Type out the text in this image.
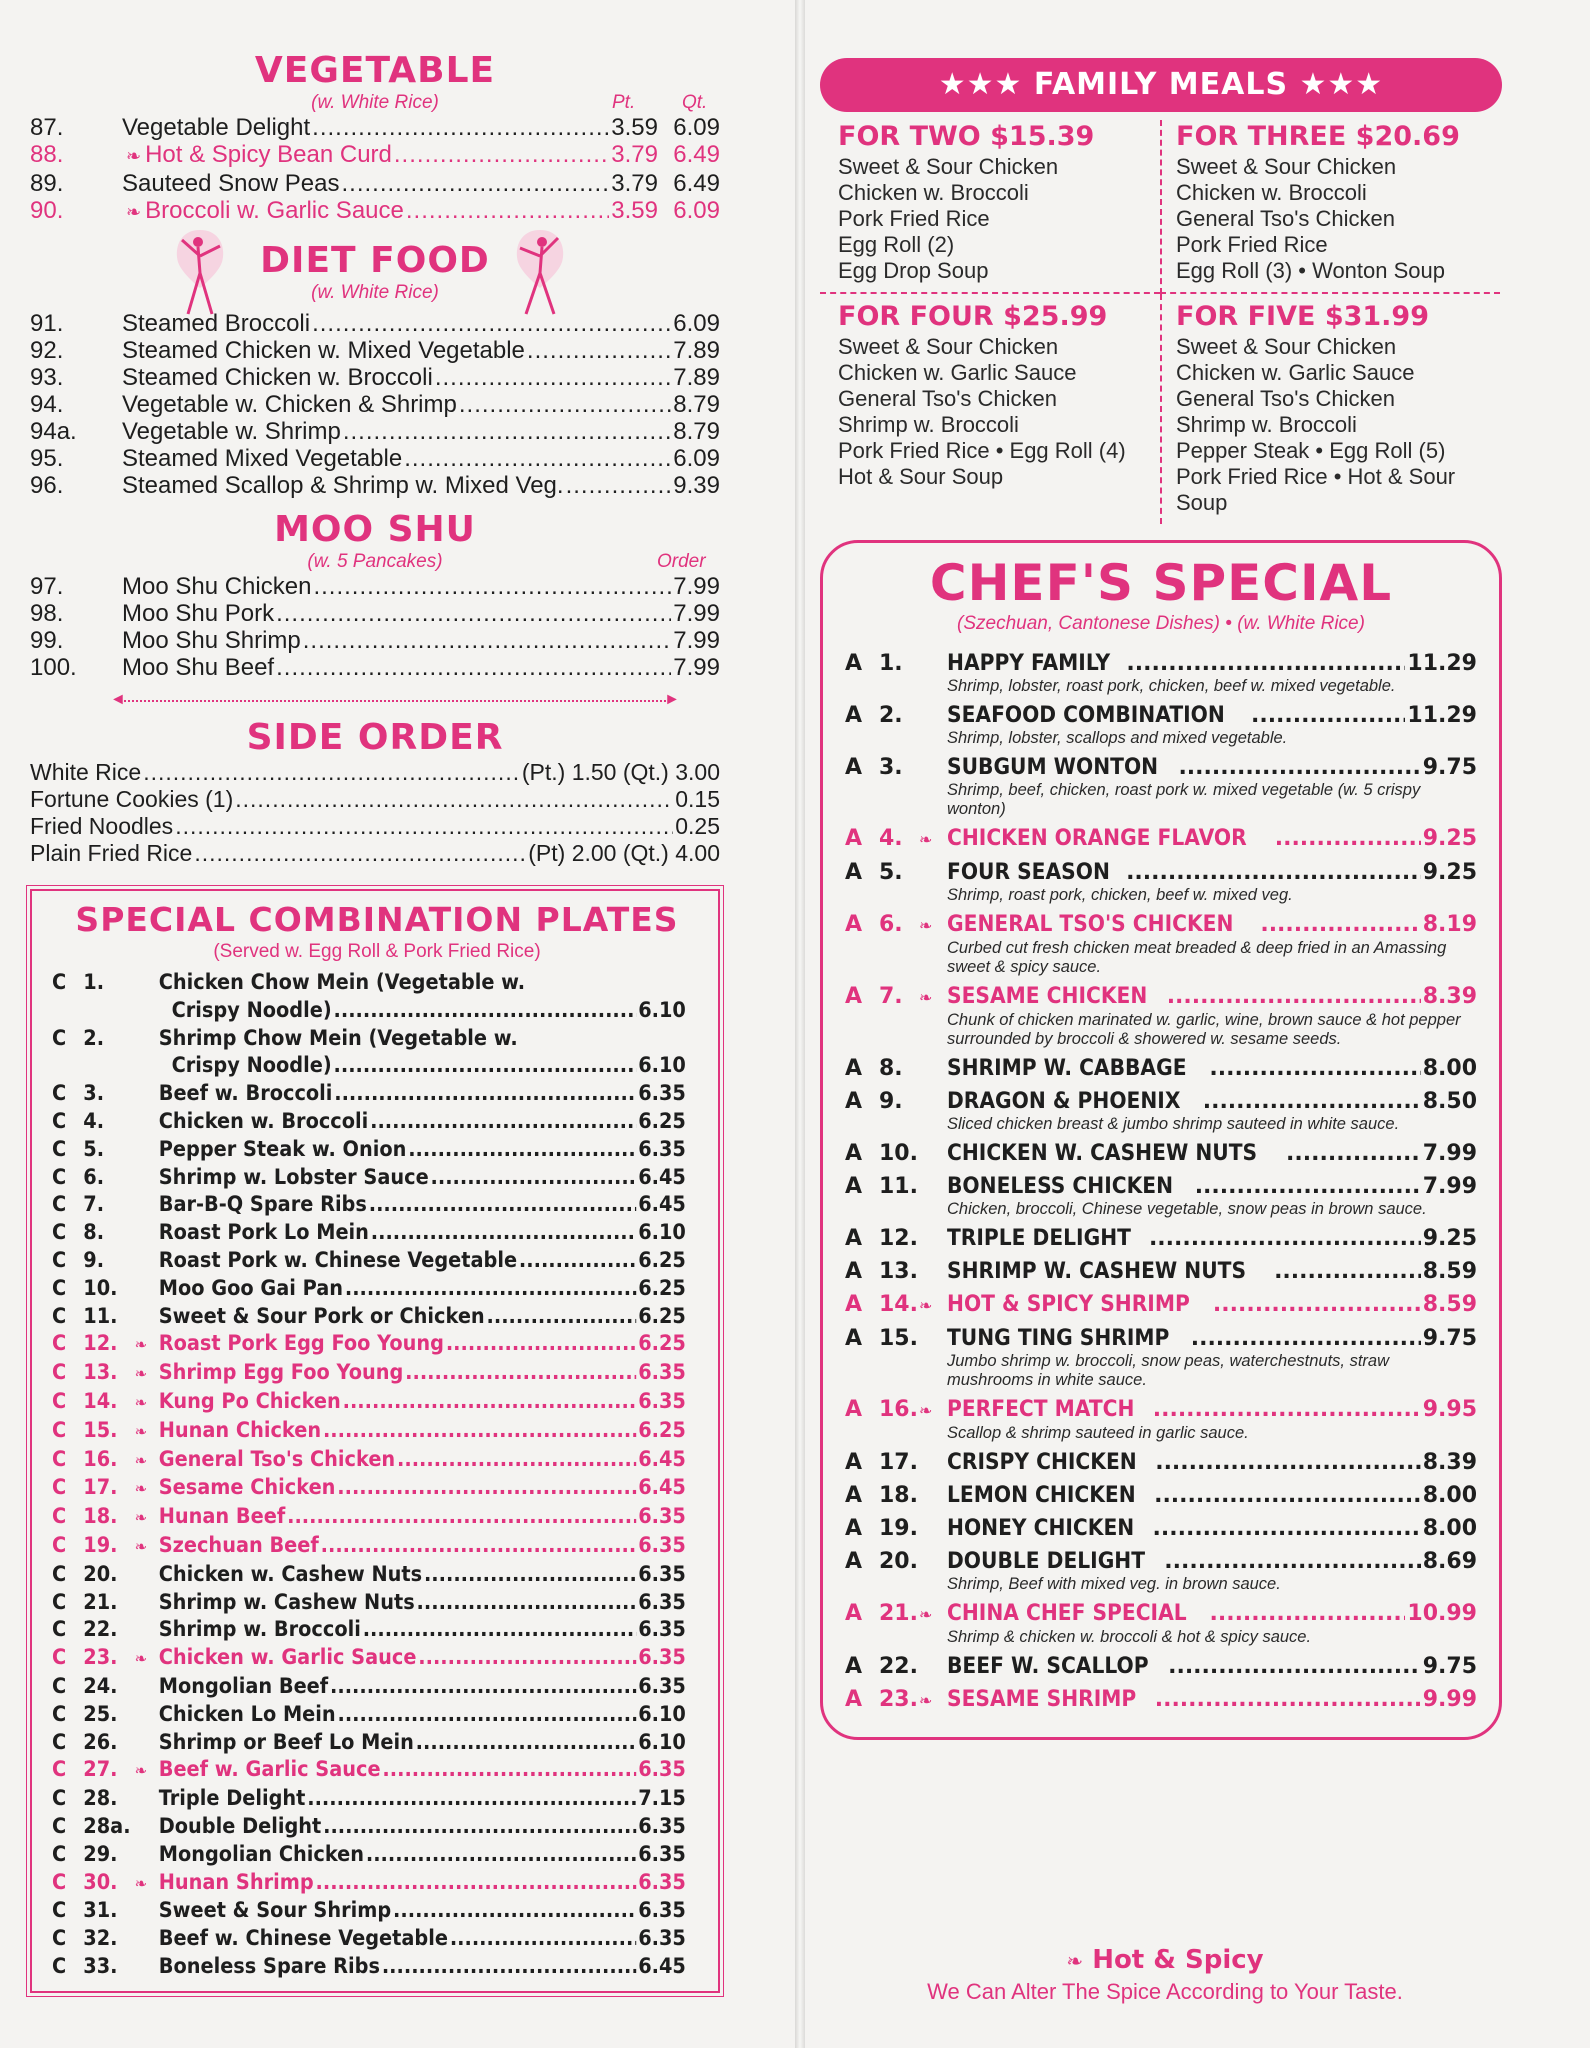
VEGETABLE
(w. White Rice)	Pt. Qt.
87.	Vegetable Delight .....	3.59 6.09
88.	❧ Hot & Spicy Bean Curd .....	3.79 6.49
89.	Sauteed Snow Peas .....	3.79 6.49
90.	❧ Broccoli w. Garlic Sauce .....	3.59 6.09
DIET FOOD
(w. White Rice)
91.	Steamed Broccoli .....	6.09
92.	Steamed Chicken w. Mixed Vegetable .....	7.89
93.	Steamed Chicken w. Broccoli .....	7.89
94.	Vegetable w. Chicken & Shrimp .....	8.79
94a.	Vegetable w. Shrimp .....	8.79
95.	Steamed Mixed Vegetable .....	6.09
96.	Steamed Scallop & Shrimp w. Mixed Veg. .....	9.39
MOO SHU
(w. 5 Pancakes)	Order
97.	Moo Shu Chicken .....	7.99
98.	Moo Shu Pork .....	7.99
99.	Moo Shu Shrimp .....	7.99
100.	Moo Shu Beef .....	7.99
◄	►
SIDE ORDER
White Rice .....	(Pt.) 1.50 (Qt.) 3.00
Fortune Cookies (1) .....	0.15
Fried Noodles .....	0.25
Plain Fried Rice .....	(Pt) 2.00 (Qt.) 4.00
SPECIAL COMBINATION PLATES
(Served w. Egg Roll & Pork Fried Rice)
C 1.	Chicken Chow Mein (Vegetable w.
Crispy Noodle) .....	6.10
C 2.	Shrimp Chow Mein (Vegetable w.
Crispy Noodle) .....	6.10
C 3.	Beef w. Broccoli .....	6.35
C 4.	Chicken w. Broccoli .....	6.25
C 5.	Pepper Steak w. Onion .....	6.35
C 6.	Shrimp w. Lobster Sauce .....	6.45
C 7.	Bar-B-Q Spare Ribs .....	6.45
C 8.	Roast Pork Lo Mein .....	6.10
C 9.	Roast Pork w. Chinese Vegetable .....	6.25
C 10.	Moo Goo Gai Pan .....	6.25
C 11.	Sweet & Sour Pork or Chicken .....	6.25
C 12.	❧ Roast Pork Egg Foo Young .....	6.25
C 13.	❧ Shrimp Egg Foo Young .....	6.35
C 14.	❧ Kung Po Chicken .....	6.35
C 15.	❧ Hunan Chicken .....	6.25
C 16.	❧ General Tso's Chicken .....	6.45
C 17.	❧ Sesame Chicken .....	6.45
C 18.	❧ Hunan Beef .....	6.35
C 19.	❧ Szechuan Beef .....	6.35
C 20.	Chicken w. Cashew Nuts .....	6.35
C 21.	Shrimp w. Cashew Nuts .....	6.35
C 22.	Shrimp w. Broccoli .....	6.35
C 23.	❧ Chicken w. Garlic Sauce .....	6.35
C 24.	Mongolian Beef .....	6.35
C 25.	Chicken Lo Mein .....	6.10
C 26.	Shrimp or Beef Lo Mein .....	6.10
C 27.	❧ Beef w. Garlic Sauce .....	6.35
C 28.	Triple Delight .....	7.15
C 28a. Double Delight .....	6.35
C 29.	Mongolian Chicken .....	6.35
C 30.	❧ Hunan Shrimp .....	6.35
C 31.	Sweet & Sour Shrimp .....	6.35
C 32.	Beef w. Chinese Vegetable .....	6.35
C 33.	Boneless Spare Ribs .....	6.45
★★★ FAMILY MEALS ★★★
FOR TWO $15.39
Sweet & Sour Chicken
Chicken w. Broccoli
Pork Fried Rice
Egg Roll (2)
Egg Drop Soup
FOR THREE $20.69
Sweet & Sour Chicken
Chicken w. Broccoli
General Tso's Chicken
Pork Fried Rice
Egg Roll (3) • Wonton Soup
FOR FOUR $25.99
Sweet & Sour Chicken
Chicken w. Garlic Sauce
General Tso's Chicken
Shrimp w. Broccoli
Pork Fried Rice • Egg Roll (4)
Hot & Sour Soup
FOR FIVE $31.99
Sweet & Sour Chicken
Chicken w. Garlic Sauce
General Tso's Chicken
Shrimp w. Broccoli
Pepper Steak • Egg Roll (5)
Pork Fried Rice • Hot & Sour Soup
CHEF'S SPECIAL
(Szechuan, Cantonese Dishes) • (w. White Rice)
A 1.	HAPPY FAMILY .....	11.29
Shrimp, lobster, roast pork, chicken, beef w. mixed vegetable.
A 2.	SEAFOOD COMBINATION .....	11.29
Shrimp, lobster, scallops and mixed vegetable.
A 3.	SUBGUM WONTON .....	9.75
Shrimp, beef, chicken, roast pork w. mixed vegetable (w. 5 crispy wonton)
A 4.	❧ CHICKEN ORANGE FLAVOR .....	9.25
A 5.	FOUR SEASON .....	9.25
Shrimp, roast pork, chicken, beef w. mixed veg.
A 6.	❧ GENERAL TSO'S CHICKEN .....	8.19
Curbed cut fresh chicken meat breaded & deep fried in an Amassing sweet & spicy sauce.
A 7.	❧ SESAME CHICKEN .....	8.39
Chunk of chicken marinated w. garlic, wine, brown sauce & hot pepper surrounded by broccoli & showered w. sesame seeds.
A 8.	SHRIMP W. CABBAGE .....	8.00
A 9.	DRAGON & PHOENIX .....	8.50
Sliced chicken breast & jumbo shrimp sauteed in white sauce.
A 10. CHICKEN W. CASHEW NUTS .....	7.99
A 11. BONELESS CHICKEN .....	7.99
Chicken, broccoli, Chinese vegetable, snow peas in brown sauce.
A 12. TRIPLE DELIGHT .....	9.25
A 13. SHRIMP W. CASHEW NUTS .....	8.59
A 14. ❧ HOT & SPICY SHRIMP .....	8.59
A 15. TUNG TING SHRIMP .....	9.75
Jumbo shrimp w. broccoli, snow peas, waterchestnuts, straw mushrooms in white sauce.
A 16. ❧ PERFECT MATCH .....	9.95
Scallop & shrimp sauteed in garlic sauce.
A 17. CRISPY CHICKEN .....	8.39
A 18. LEMON CHICKEN .....	8.00
A 19. HONEY CHICKEN .....	8.00
A 20. DOUBLE DELIGHT .....	8.69
Shrimp, Beef with mixed veg. in brown sauce.
A 21. ❧ CHINA CHEF SPECIAL .....	10.99
Shrimp & chicken w. broccoli & hot & spicy sauce.
A 22. BEEF W. SCALLOP .....	9.75
A 23. ❧ SESAME SHRIMP .....	9.99
❧ Hot & Spicy
We Can Alter The Spice According to Your Taste.
